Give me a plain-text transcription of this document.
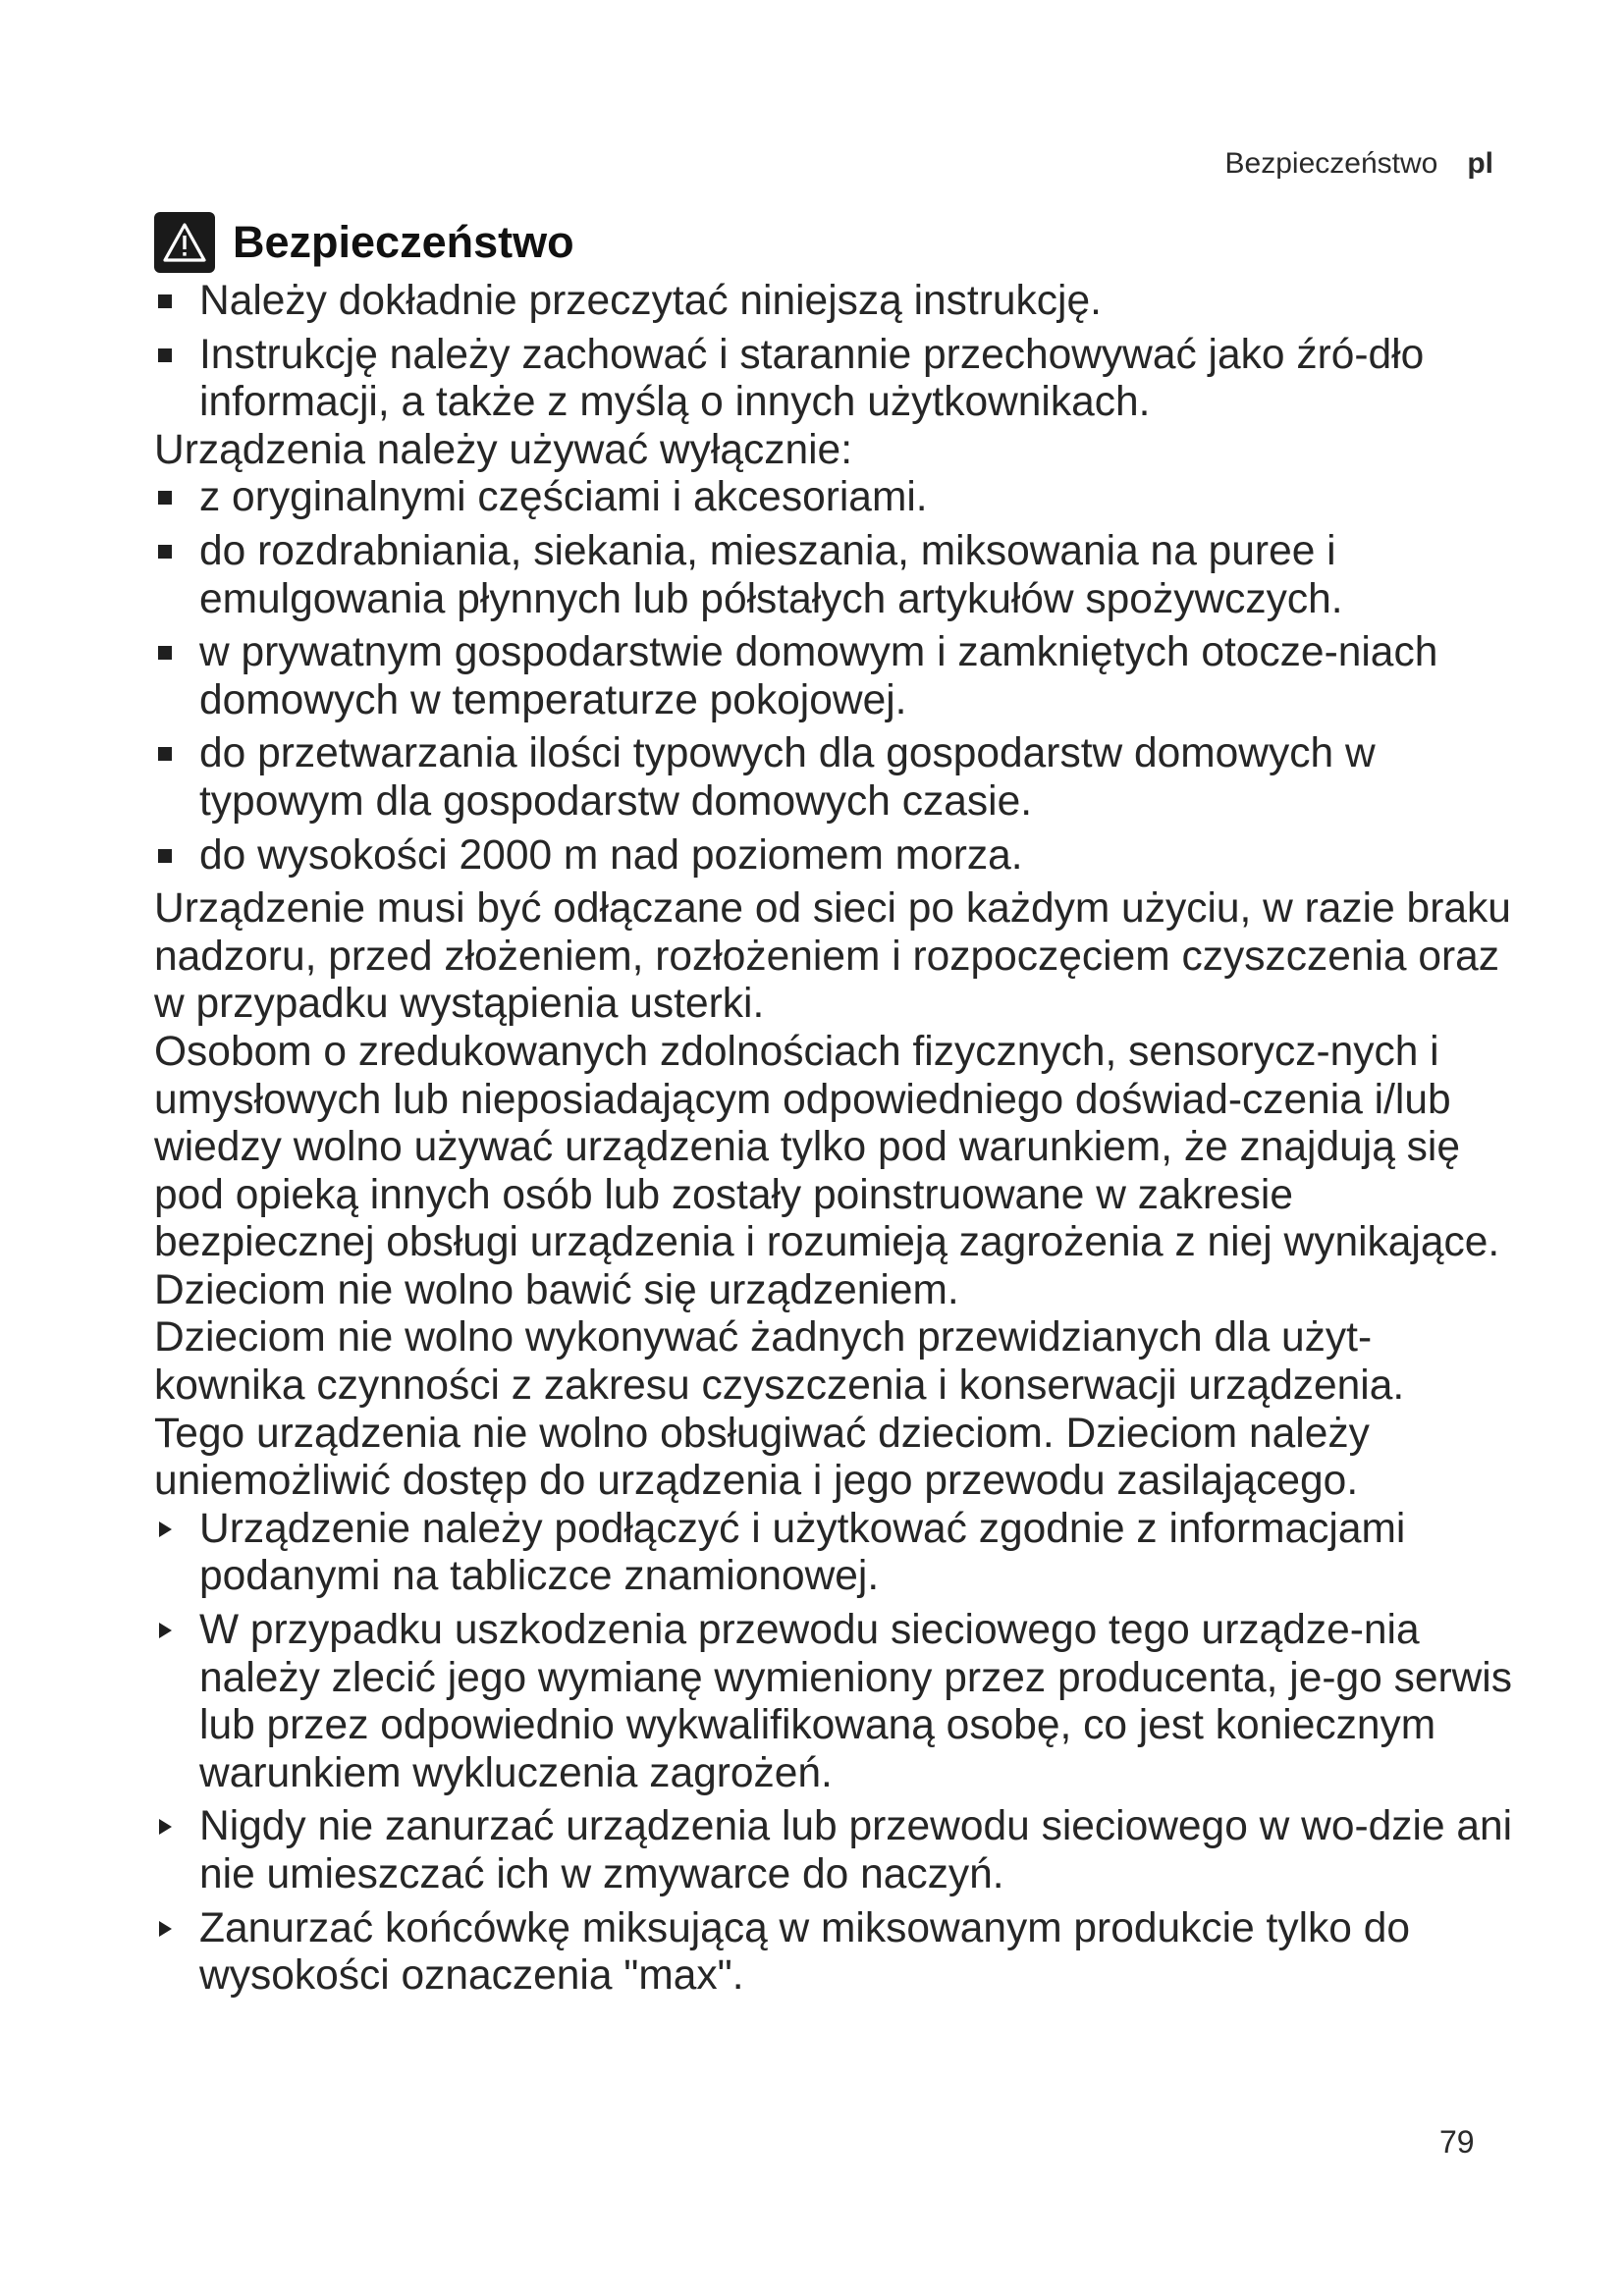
Bezpieczeństwo pl
Bezpieczeństwo
Należy dokładnie przeczytać niniejszą instrukcję.
Instrukcję należy zachować i starannie przechowywać jako źró-dło informacji, a także z myślą o innych użytkownikach.
Urządzenia należy używać wyłącznie:
z oryginalnymi częściami i akcesoriami.
do rozdrabniania, siekania, mieszania, miksowania na puree i emulgowania płynnych lub półstałych artykułów spożywczych.
w prywatnym gospodarstwie domowym i zamkniętych otocze-niach domowych w temperaturze pokojowej.
do przetwarzania ilości typowych dla gospodarstw domowych w typowym dla gospodarstw domowych czasie.
do wysokości 2000 m nad poziomem morza.
Urządzenie musi być odłączane od sieci po każdym użyciu, w razie braku nadzoru, przed złożeniem, rozłożeniem i rozpoczęciem czyszczenia oraz w przypadku wystąpienia usterki.
Osobom o zredukowanych zdolnościach fizycznych, sensorycz-nych i umysłowych lub nieposiadającym odpowiedniego doświad-czenia i/lub wiedzy wolno używać urządzenia tylko pod warunkiem, że znajdują się pod opieką innych osób lub zostały poinstruowane w zakresie bezpiecznej obsługi urządzenia i rozumieją zagrożenia z niej wynikające.
Dzieciom nie wolno bawić się urządzeniem.
Dzieciom nie wolno wykonywać żadnych przewidzianych dla użyt-kownika czynności z zakresu czyszczenia i konserwacji urządzenia.
Tego urządzenia nie wolno obsługiwać dzieciom. Dzieciom należy uniemożliwić dostęp do urządzenia i jego przewodu zasilającego.
Urządzenie należy podłączyć i użytkować zgodnie z informacjami podanymi na tabliczce znamionowej.
W przypadku uszkodzenia przewodu sieciowego tego urządze-nia należy zlecić jego wymianę wymieniony przez producenta, je-go serwis lub przez odpowiednio wykwalifikowaną osobę, co jest koniecznym warunkiem wykluczenia zagrożeń.
Nigdy nie zanurzać urządzenia lub przewodu sieciowego w wo-dzie ani nie umieszczać ich w zmywarce do naczyń.
Zanurzać końcówkę miksującą w miksowanym produkcie tylko do wysokości oznaczenia "max".
79
